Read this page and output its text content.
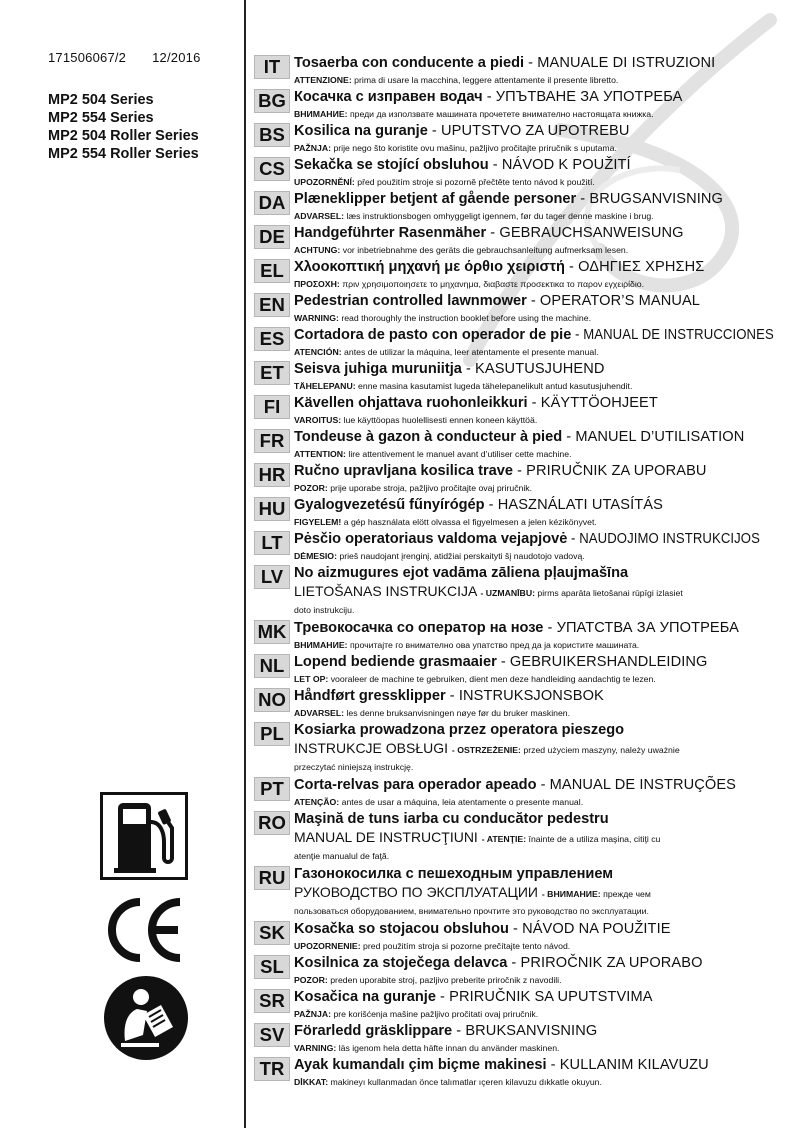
171506067/2 12/2016
MP2 504 Series
MP2 554 Series
MP2 504 Roller Series
MP2 554 Roller Series
IT Tosaerba con conducente a piedi - MANUALE DI ISTRUZIONI
ATTENZIONE: prima di usare la macchina, leggere attentamente il presente libretto.
BG Косачка с изправен водач - УПЪТВАНЕ ЗА УПОТРЕБА
ВНИМАНИЕ: преди да използвате машината прочетете внимателно настоящата книжка.
BS Kosilica na guranje - UPUTSTVO ZA UPOTREBU
PAŽNJA: prije nego što koristite ovu mašinu, pažljivo pročitajte priručnik s uputama.
CS Sekačka se stojící obsluhou - NÁVOD K POUŽITÍ
UPOZORNĚNÍ: před použitím stroje si pozorně přečtěte tento návod k použití.
DA Plæneklipper betjent af gående personer - BRUGSANVISNING
ADVARSEL: læs instruktionsbogen omhyggeligt igennem, før du tager denne maskine i brug.
DE Handgeführter Rasenmäher - GEBRAUCHSANWEISUNG
ACHTUNG: vor inbetriebnahme des geräts die gebrauchsanleitung aufmerksam lesen.
EL Χλοοκοπτική μηχανή με όρθιο χειριστή - ΟΔΗΓΙΕΣ ΧΡΗΣΗΣ
ΠΡΟΣΟΧΗ: πριν χρησιμοποιησετε το μηχανημα, διαβαστε προσεκτικα το παρον εγχειρίδιο.
EN Pedestrian controlled lawnmower - OPERATOR’S MANUAL
WARNING: read thoroughly the instruction booklet before using the machine.
ES Cortadora de pasto con operador de pie - MANUAL DE INSTRUCCIONES
ATENCIÓN: antes de utilizar la máquina, leer atentamente el presente manual.
ET Seisva juhiga muruniitja - KASUTUSJUHEND
TÄHELEPANU: enne masina kasutamist lugeda tähelepanelikult antud kasutusjuhendit.
FI Kävellen ohjattava ruohonleikkuri - KÄYTTÖOHJEET
VAROITUS: lue käyttöopas huolellisesti ennen koneen käyttöä.
FR Tondeuse à gazon à conducteur à pied - MANUEL D’UTILISATION
ATTENTION: lire attentivement le manuel avant d’utiliser cette machine.
HR Ručno upravljana kosilica trave - PRIRUČNIK ZA UPORABU
POZOR: prije uporabe stroja, pažljivo pročitajte ovaj priručnik.
HU Gyalogvezetésű fűnyírógép - HASZNÁLATI UTASÍTÁS
FIGYELEM! a gép használata elött olvassa el figyelmesen a jelen kézikönyvet.
LT Pėsčio operatoriaus valdoma vejapjovė - NAUDOJIMO INSTRUKCIJOS
DĖMESIO: prieš naudojant įrenginį, atidžiai perskaityti šį naudotojo vadovą.
LV No aizmugures ejot vadāma zāliena pļaujmašīna
LIETOŠANAS INSTRUKCIJA - UZMANĪBU: pirms aparāta lietošanai rūpīgi izlasiet
doto instrukciju.
MK Тревокосачка со оператор на нозе - УПАТСТВА ЗА УПОТРЕБА
ВНИМАНИЕ: прочитајте го внимателно ова упатство пред да ја користите машината.
NL Lopend bediende grasmaaier - GEBRUIKERSHANDLEIDING
LET OP: vooraleer de machine te gebruiken, dient men deze handleiding aandachtig te lezen.
NO Håndført gressklipper - INSTRUKSJONSBOK
ADVARSEL: les denne bruksanvisningen nøye før du bruker maskinen.
PL Kosiarka prowadzona przez operatora pieszego
INSTRUKCJE OBSŁUGI - OSTRZEŻENIE: przed użyciem maszyny, należy uważnie
przeczytać niniejszą instrukcję.
PT Corta-relvas para operador apeado - MANUAL DE INSTRUÇÕES
ATENÇÃO: antes de usar a máquina, leia atentamente o presente manual.
RO Maşină de tuns iarba cu conducător pedestru
MANUAL DE INSTRUCŢIUNI - ATENŢIE: înainte de a utiliza maşina, citiţi cu
atenţie manualul de faţă.
RU Газонокосилка с пешеходным управлением
РУКОВОДСТВО ПО ЭКСПЛУАТАЦИИ - ВНИМАНИЕ: прежде чем
пользоваться оборудованием, внимательно прочтите это руководство по эксплуатации.
SK Kosačka so stojacou obsluhou - NÁVOD NA POUŽITIE
UPOZORNENIE: pred použitím stroja si pozorne prečítajte tento návod.
SL Kosilnica za stoječega delavca - PRIROČNIK ZA UPORABO
POZOR: preden uporabite stroj, pazljivo preberite priročnik z navodili.
SR Kosačica na guranje - PRIRUČNIK SA UPUTSTVIMA
PAŽNJA: pre korišćenja mašine pažljivo pročitati ovaj priručnik.
SV Förarledd gräsklippare - BRUKSANVISNING
VARNING: läs igenom hela detta häfte innan du använder maskinen.
TR Ayak kumandalı çim biçme makinesi - KULLANIM KILAVUZU
DİKKAT: makineyı kullanmadan önce talımatlar ıçeren kilavuzu dıkkatle okuyun.
